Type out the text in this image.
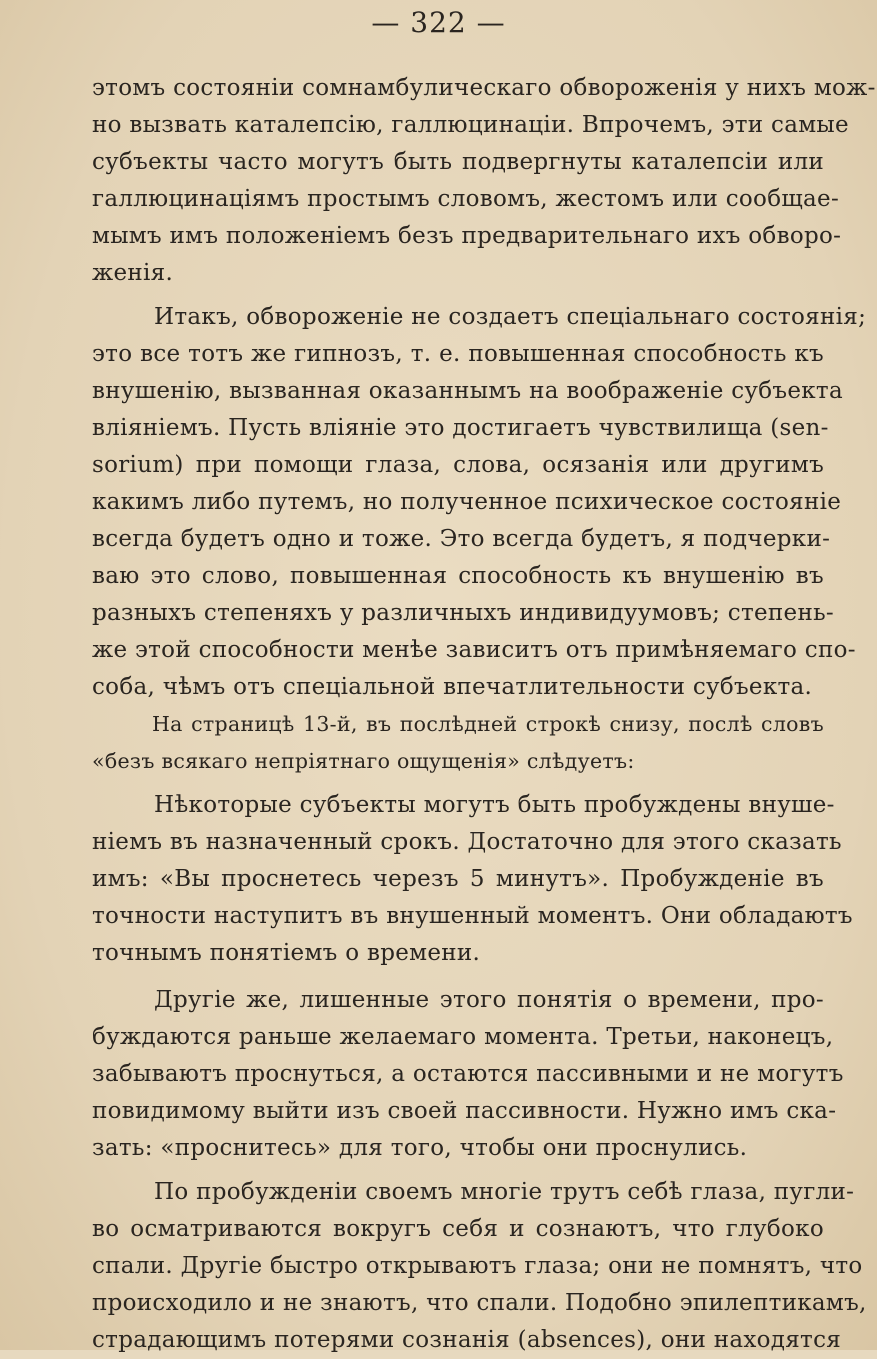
— 322 —
этомъ состояніи сомнамбулическаго обвороженія у нихъ мож-
но вызвать каталепсію, галлюцинаціи. Впрочемъ, эти самые
субъекты часто могутъ быть подвергнуты каталепсіи или
галлюцинаціямъ простымъ словомъ, жестомъ или сообщае-
мымъ имъ положеніемъ безъ предварительнаго ихъ обворо-
женія.
Итакъ, обвороженіе не создаетъ спеціальнаго состоянія;
это все тотъ же гипнозъ, т. е. повышенная способность къ
внушенію, вызванная оказаннымъ на воображеніе субъекта
вліяніемъ. Пусть вліяніе это достигаетъ чувствилища (sen-
sorium) при помощи глаза, слова, осязанія или другимъ
какимъ либо путемъ, но полученное психическое состояніе
всегда будетъ одно и тоже. Это всегда будетъ, я подчерки-
ваю это слово, повышенная способность къ внушенію въ
разныхъ степеняхъ у различныхъ индивидуумовъ; степень-
же этой способности менѣе зависитъ отъ примѣняемаго спо-
соба, чѣмъ отъ спеціальной впечатлительности субъекта.
На страницѣ 13-й, въ послѣдней строкѣ снизу, послѣ словъ
«безъ всякаго непріятнаго ощущенія» слѣдуетъ:
Нѣкоторые субъекты могутъ быть пробуждены внуше-
ніемъ въ назначенный срокъ. Достаточно для этого сказать
имъ: «Вы проснетесь черезъ 5 минутъ». Пробужденіе въ
точности наступитъ въ внушенный моментъ. Они обладаютъ
точнымъ понятіемъ о времени.
Другіе же, лишенные этого понятія о времени, про-
буждаются раньше желаемаго момента. Третьи, наконецъ,
забываютъ проснуться, а остаются пассивными и не могутъ
повидимому выйти изъ своей пассивности. Нужно имъ ска-
зать: «проснитесь» для того, чтобы они проснулись.
По пробужденіи своемъ многіе трутъ себѣ глаза, пугли-
во осматриваются вокругъ себя и сознаютъ, что глубоко
спали. Другіе быстро открываютъ глаза; они не помнятъ, что
происходило и не знаютъ, что спали. Подобно эпилептикамъ,
страдающимъ потерями сознанія (absences), они находятся
